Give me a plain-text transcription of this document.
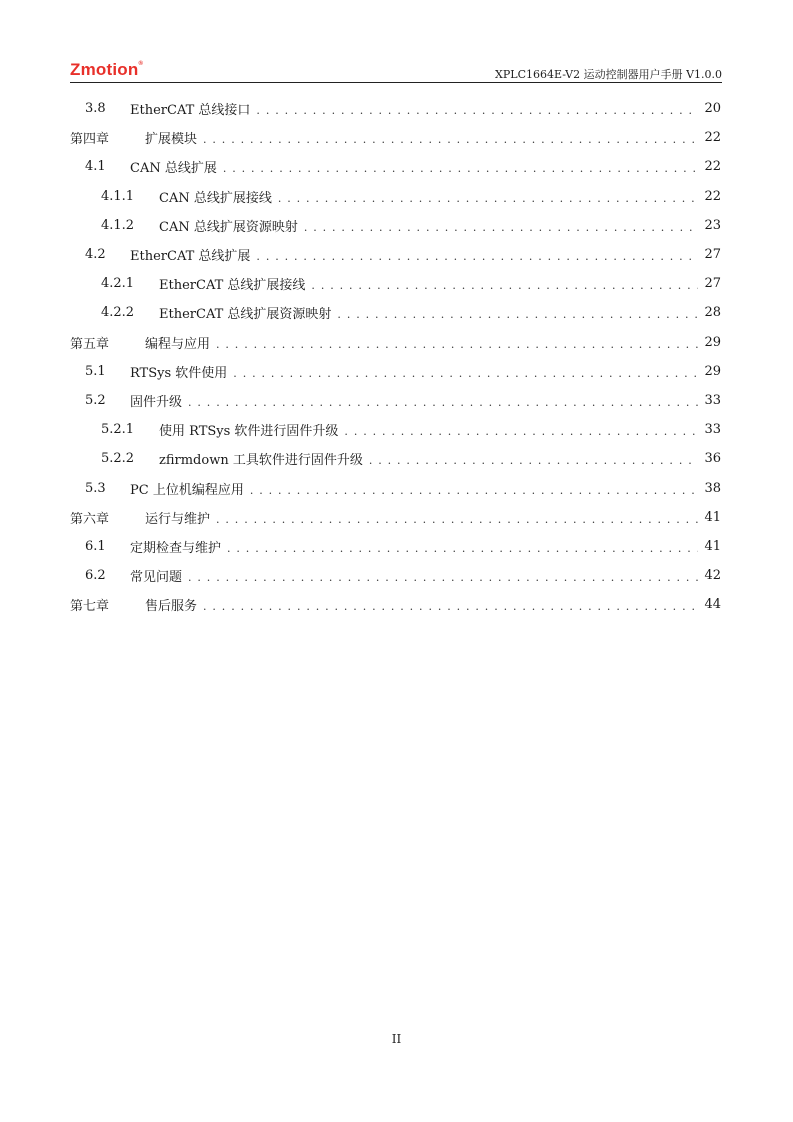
Zmotion®
XPLC1664E-V2 运动控制器用户手册 V1.0.0
3.8	EtherCAT 总线接口 . . .	20
第四章	扩展模块 . . .	22
4.1	CAN 总线扩展 . . .	22
4.1.1	CAN 总线扩展接线 . . .	22
4.1.2	CAN 总线扩展资源映射 . . .	23
4.2	EtherCAT 总线扩展 . . .	27
4.2.1	EtherCAT 总线扩展接线 . . .	27
4.2.2	EtherCAT 总线扩展资源映射 . . .	28
第五章	编程与应用 . . .	29
5.1	RTSys 软件使用 . . .	29
5.2	固件升级 . . .	33
5.2.1	使用 RTSys 软件进行固件升级 . . .	33
5.2.2	zfirmdown 工具软件进行固件升级 . . .	36
5.3	PC 上位机编程应用 . . .	38
第六章	运行与维护 . . .	41
6.1	定期检查与维护 . . .	41
6.2	常见问题 . . .	42
第七章	售后服务 . . .	44
II
